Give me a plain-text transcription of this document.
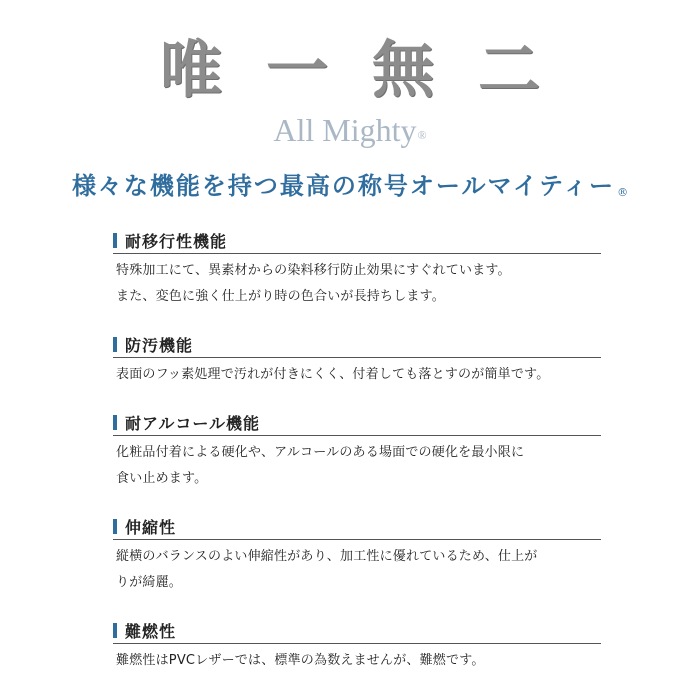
唯一無二
All Mighty®
様々な機能を持つ最高の称号オールマイティー ®
耐移行性機能
特殊加工にて、異素材からの染料移行防止効果にすぐれています。
また、変色に強く仕上がり時の色合いが長持ちします。
防汚機能
表面のフッ素処理で汚れが付きにくく、付着しても落とすのが簡単です。
耐アルコール機能
化粧品付着による硬化や、アルコールのある場面での硬化を最小限に
食い止めます。
伸縮性
縦横のバランスのよい伸縮性があり、加工性に優れているため、仕上が
りが綺麗。
難燃性
難燃性はPVCレザーでは、標準の為数えませんが、難燃です。
